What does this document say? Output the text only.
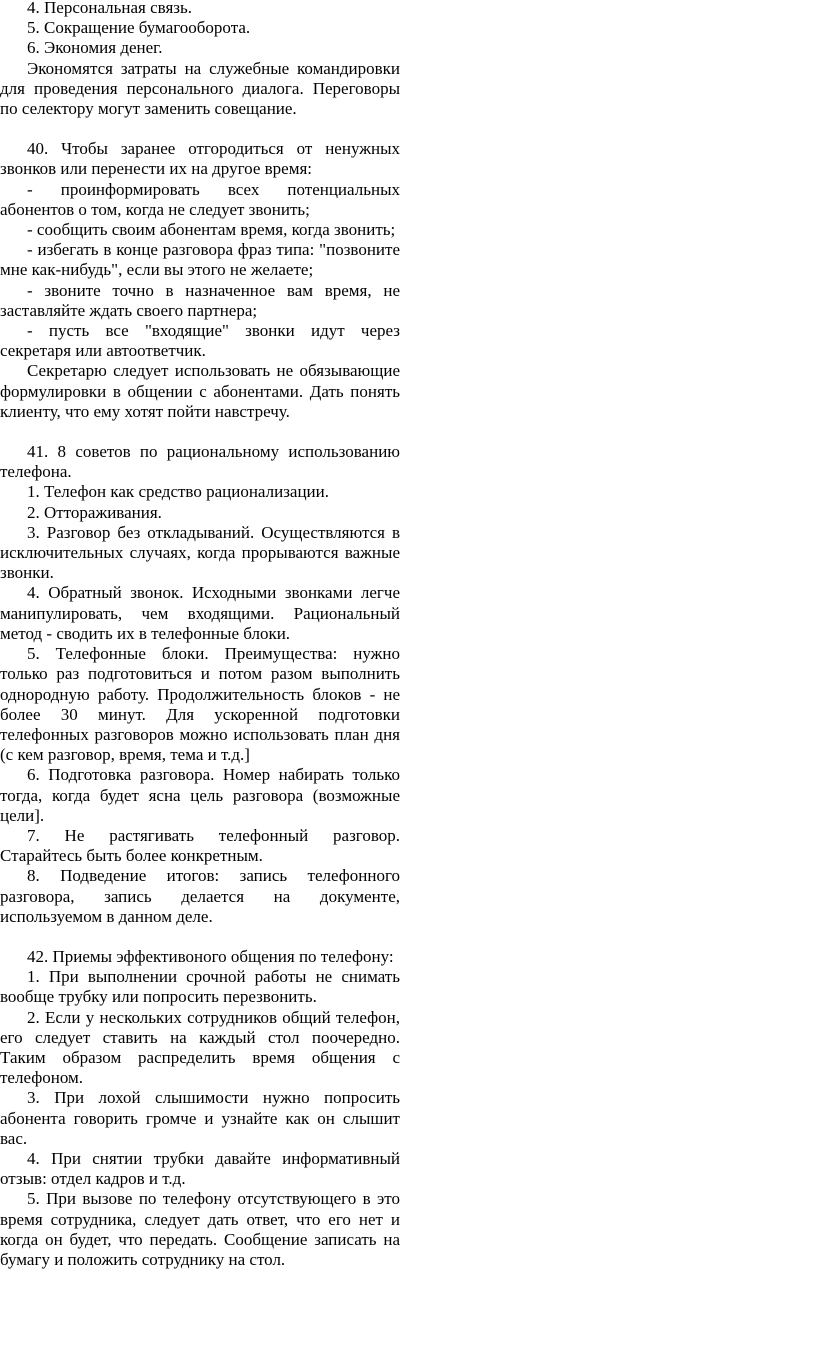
4. Персональная связь.

5. Сокращение бумагооборота.

6. Экономия денег.

Экономятся затраты на служебные командировки для проведения персонального диалога. Переговоры по селектору могут заменить совещание.

40. Чтобы заранее отгородиться от ненужных звонков или перенести их на другое время:

- проинформировать всех потенциальных абонентов о том, когда не следует звонить;

- сообщить своим абонентам время, когда звонить;

- избегать в конце разговора фраз типа: "позвоните мне как-нибудь", если вы этого не желаете;

- звоните точно в назначенное вам время, не заставляйте ждать своего партнера;

- пусть все "входящие" звонки идут через секретаря или автоответчик.

Секретарю следует использовать не обязывающие формулировки в общении с абонентами. Дать понять клиенту, что ему хотят пойти навстречу.

41. 8 советов по рациональному использованию телефона.

1. Телефон как средство рационализации.

2. Оттораживания.

3. Разговор без откладываний. Осуществляются в исключительных случаях, когда прорываются важные звонки.

4. Обратный звонок. Исходными звонками легче манипулировать, чем входящими. Рациональный метод - сводить их в телефонные блоки.

5. Телефонные блоки. Преимущества: нужно только раз подготовиться и потом разом выполнить однородную работу. Продолжительность блоков - не более 30 минут. Для ускоренной подготовки телефонных разговоров можно использовать план дня (с кем разговор, время, тема и т.д.]

6. Подготовка разговора. Номер набирать только тогда, когда будет ясна цель разговора (возможные цели].

7. Не растягивать телефонный разговор. Старайтесь быть более конкретным.

8. Подведение итогов: запись телефонного разговора, запись делается на документе, используемом в данном деле.

42. Приемы эффективоного общения по телефону:

1. При выполнении срочной работы не снимать вообще трубку или попросить перезвонить.

2. Если у нескольких сотрудников общий телефон, его следует ставить на каждый стол поочередно. Таким образом распределить время общения с телефоном.

3. При лохой слышимости нужно попросить абонента говорить громче и узнайте как он слышит вас.

4. При снятии трубки давайте информативный отзыв: отдел кадров и т.д.

5. При вызове по телефону отсутствующего в это время сотрудника, следует дать ответ, что его нет и когда он будет, что передать. Сообщение записать на бумагу и положить сотруднику на стол.
